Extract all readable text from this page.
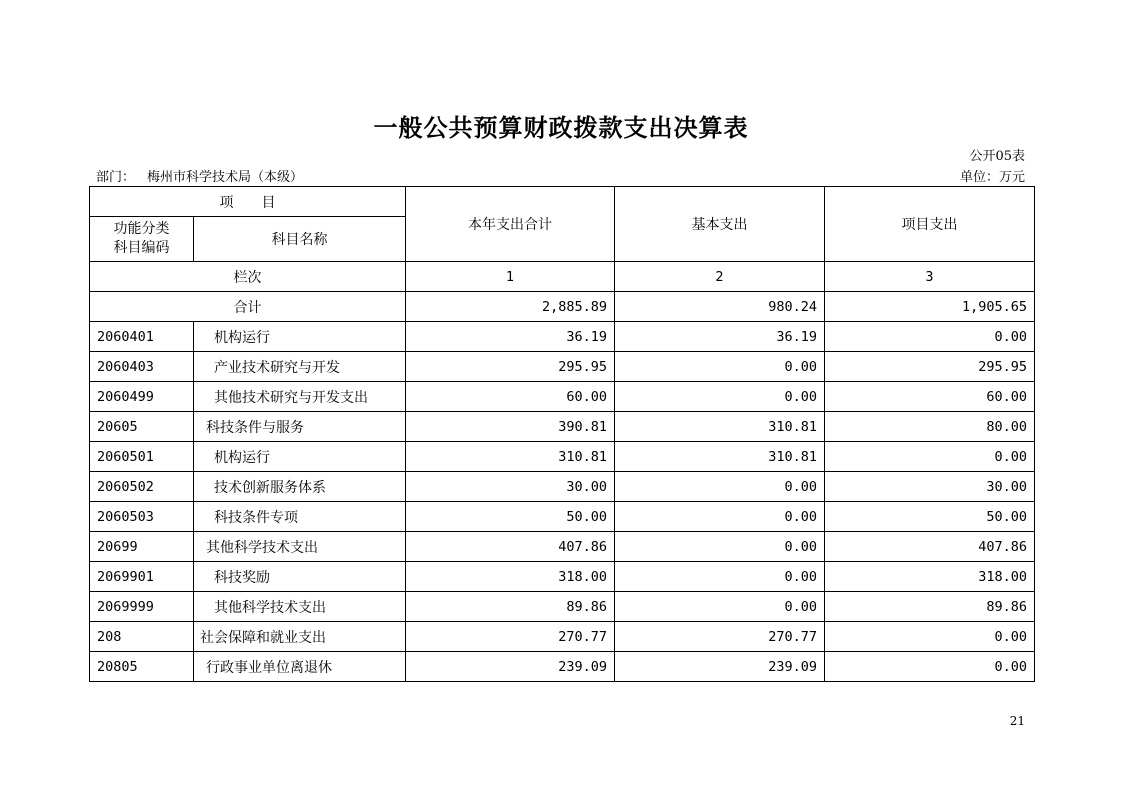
一般公共预算财政拨款支出决算表
公开05表
部门： 梅州市科学技术局（本级）	单位：万元
项　　目		本年支出合计	基本支出	项目支出

功能分类
科目编码	科目名称			
栏次		1	2	3
合计		2,885.89	980.24	1,905.65
2060401	机构运行	36.19	36.19	0.00
2060403	产业技术研究与开发	295.95	0.00	295.95
2060499	其他技术研究与开发支出	60.00	0.00	60.00
20605	科技条件与服务	390.81	310.81	80.00
2060501	机构运行	310.81	310.81	0.00
2060502	技术创新服务体系	30.00	0.00	30.00
2060503	科技条件专项	50.00	0.00	50.00
20699	其他科学技术支出	407.86	0.00	407.86
2069901	科技奖励	318.00	0.00	318.00
2069999	其他科学技术支出	89.86	0.00	89.86
208	社会保障和就业支出	270.77	270.77	0.00
20805	行政事业单位离退休	239.09	239.09	0.00
21
